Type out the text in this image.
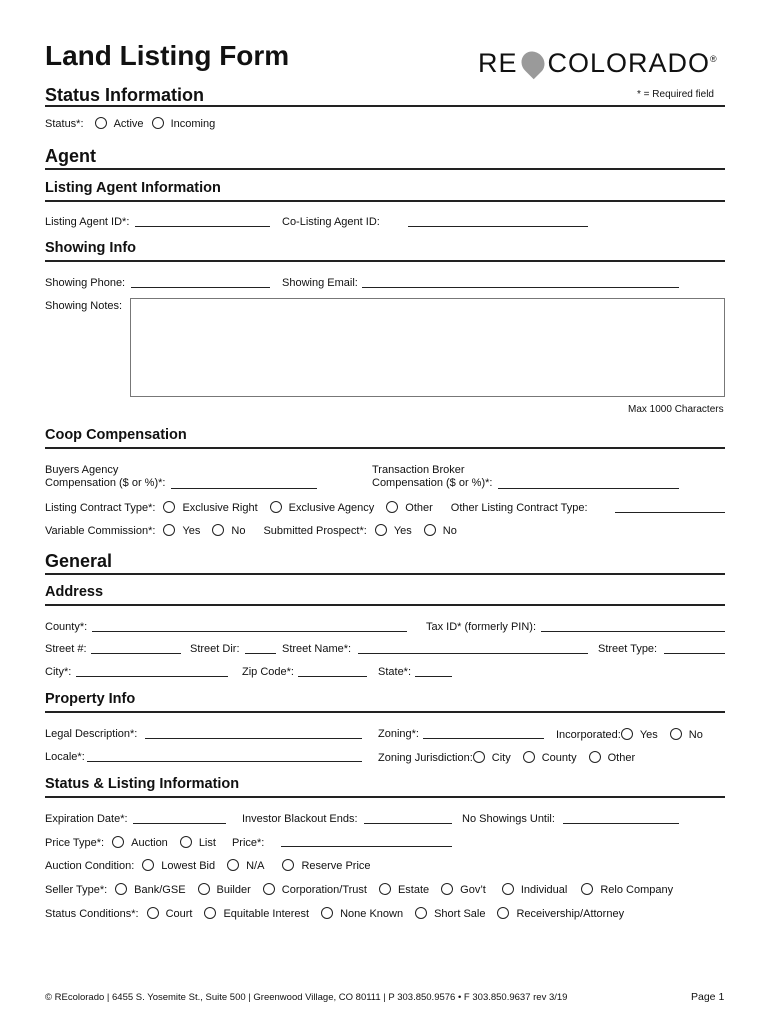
Land Listing Form	RE COLORADO®
Status Information	* = Required field
Status*:	Active Incoming
Agent
Listing Agent Information
Listing Agent ID*:	Co-Listing Agent ID:
Showing Info
Showing Phone:	Showing Email:
Showing Notes:
Max 1000 Characters
Coop Compensation
Buyers Agency
Compensation ($ or %)*:
Transaction Broker
Compensation ($ or %)*:
Listing Contract Type*: Exclusive Right	Exclusive Agency	Other Other Listing Contract Type:
Variable Commission*: Yes	No Submitted Prospect*: Yes	No
General
Address
County*:	Tax ID* (formerly PIN):
Street #:	Street Dir:	Street Name*:	Street Type:
City*:	Zip Code*:	State*:
Property Info
Legal Description*:	Zoning*:	Incorporated: Yes	No
Locale*:	Zoning Jurisdiction: City	County	Other
Status & Listing Information
Expiration Date*:	Investor Blackout Ends:	No Showings Until:
Price Type*: Auction	List Price*:
Auction Condition: Lowest Bid	N/A	Reserve Price
Seller Type*: Bank/GSE	Builder	Corporation/Trust	Estate	Gov’t	Individual	Relo Company
Status Conditions*: Court	Equitable Interest	None Known	Short Sale	Receivership/Attorney
© REcolorado | 6455 S. Yosemite St., Suite 500 | Greenwood Village, CO 80111 | P 303.850.9576 • F 303.850.9637 rev 3/19	Page 1
